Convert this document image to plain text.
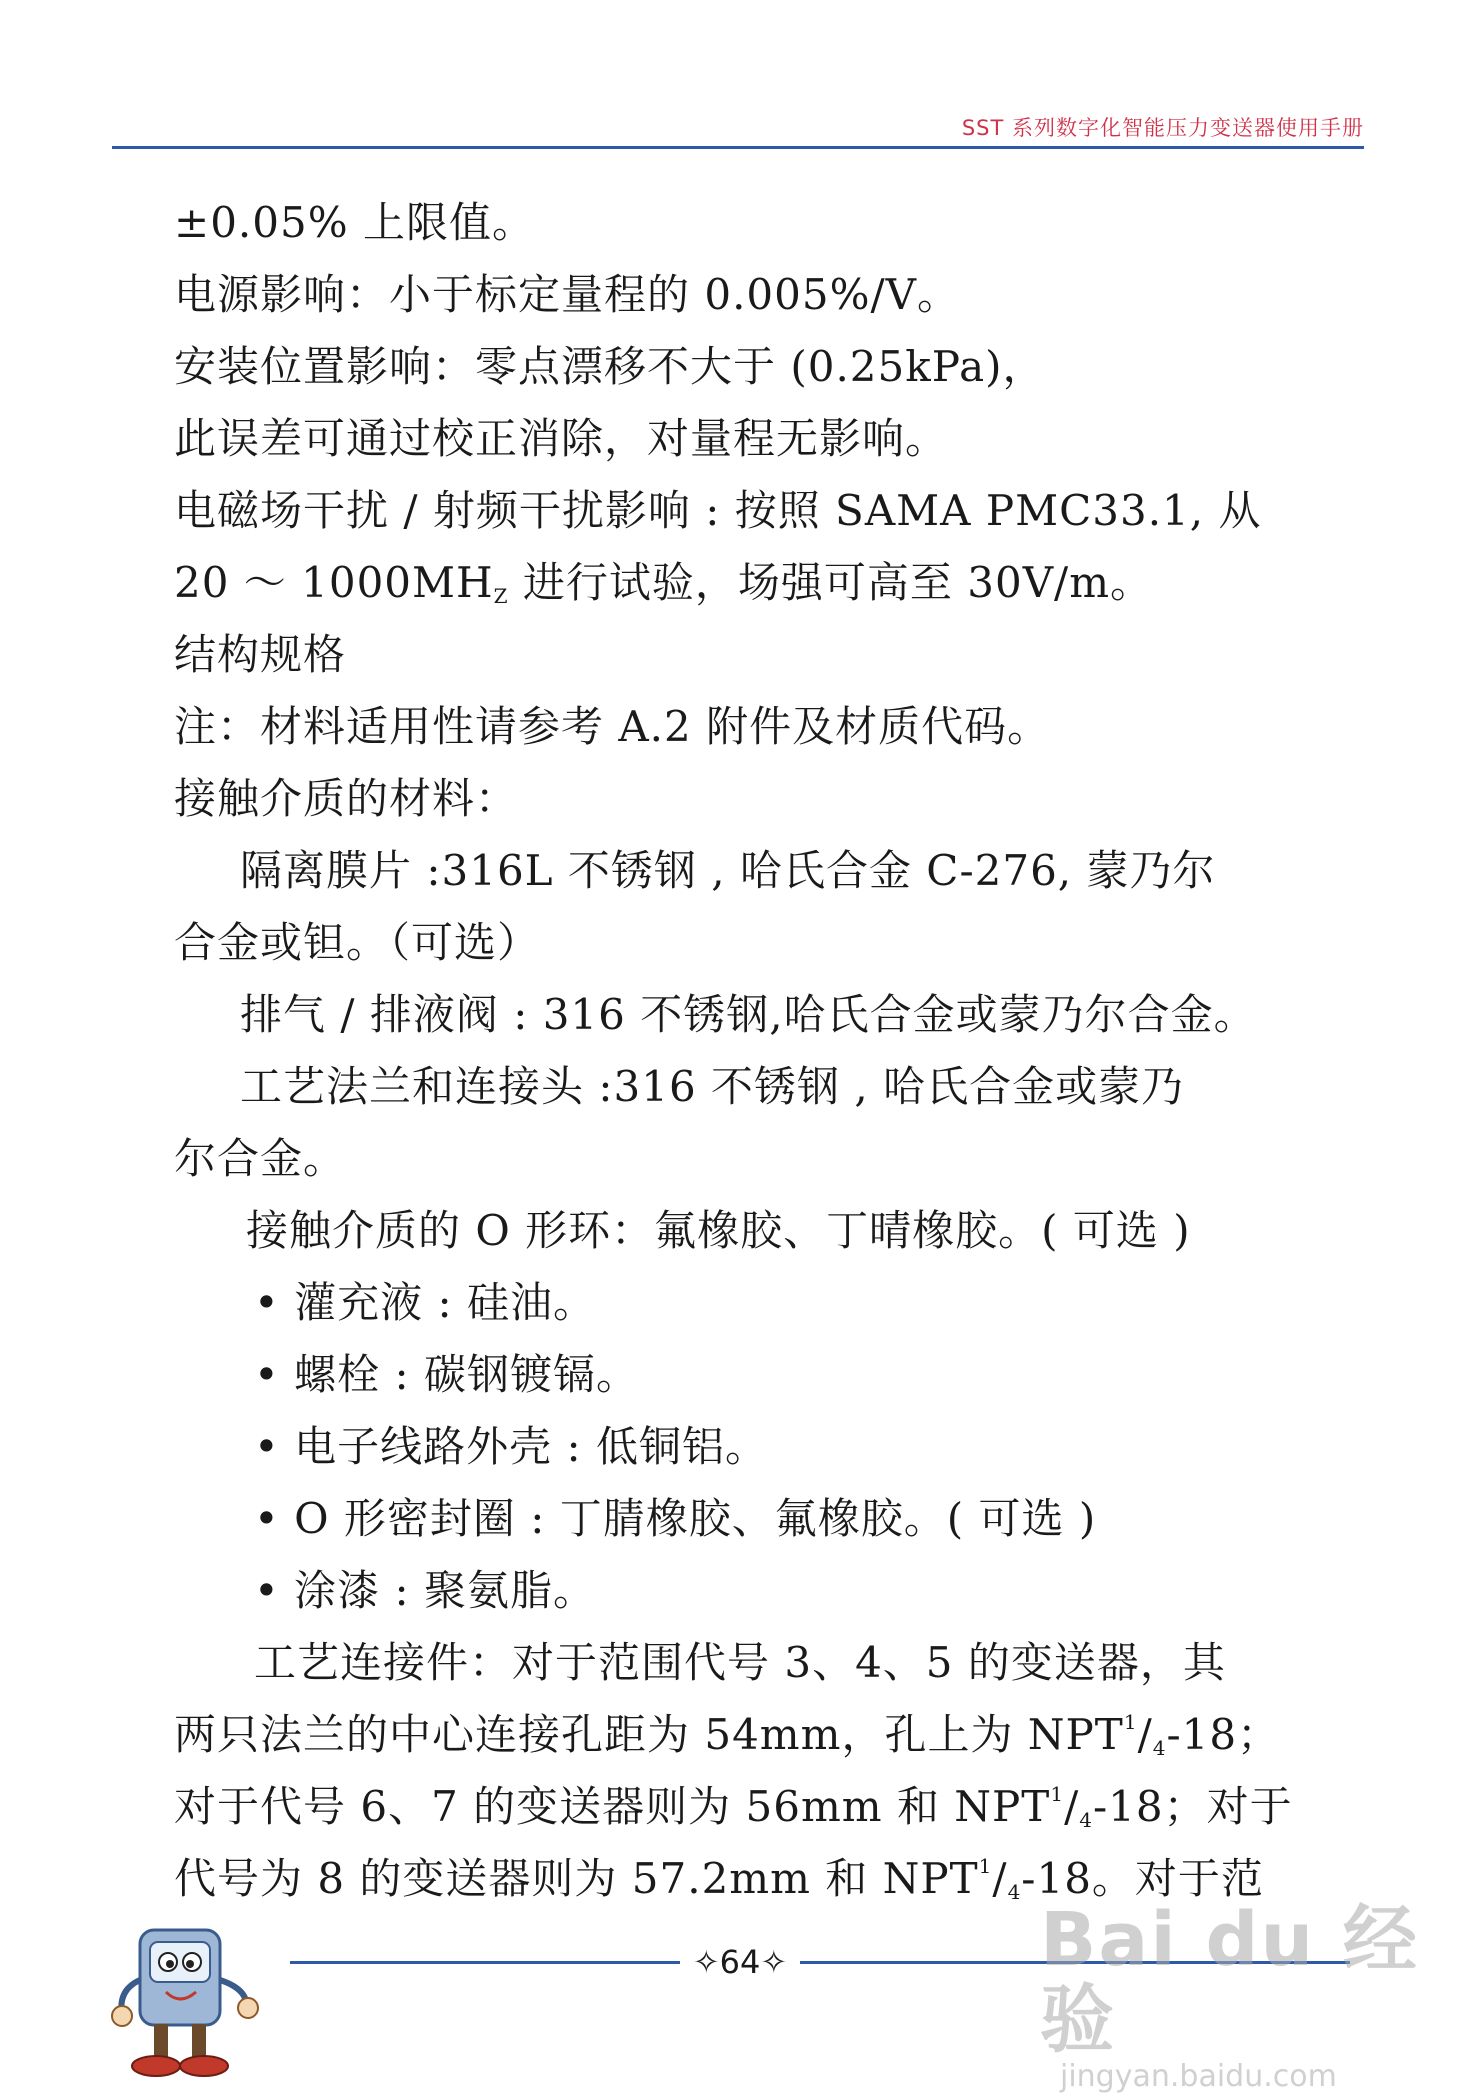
SST 系列数字化智能压力变送器使用手册
±0.05% 上限值。
电源影响：小于标定量程的 0.005%/V。
安装位置影响：零点漂移不大于 (0.25kPa)，
此误差可通过校正消除，对量程无影响。
电磁场干扰 / 射频干扰影响 : 按照 SAMA PMC33.1, 从
20 ～ $1000MH_Z$ 进行试验，场强可高至 30V/m。
结构规格
注：材料适用性请参考 A.2 附件及材质代码。
接触介质的材料：
隔离膜片 :316L 不锈钢 , 哈氏合金 C-276, 蒙乃尔
合金或钽。（可选）
排气 / 排液阀 : 316 不锈钢,哈氏合金或蒙乃尔合金。
工艺法兰和连接头 :316 不锈钢 , 哈氏合金或蒙乃
尔合金。
接触介质的 O 形环：氟橡胶、丁晴橡胶。( 可选 )
• 灌充液 : 硅油。
• 螺栓 : 碳钢镀镉。
• 电子线路外壳 : 低铜铝。
• O 形密封圈 : 丁腈橡胶、氟橡胶。( 可选 )
• 涂漆 : 聚氨脂。
工艺连接件：对于范围代号 3、4、5 的变送器，其
两只法兰的中心连接孔距为 54mm，孔上为 NPT$^1$/4-18；
对于代号 6、7 的变送器则为 56mm 和 NPT$^1$/4-18；对于
代号为 8 的变送器则为 57.2mm 和 NPT$^1$/4-18。对于范
✧64✧	Bai du 经验
jingyan.baidu.com
